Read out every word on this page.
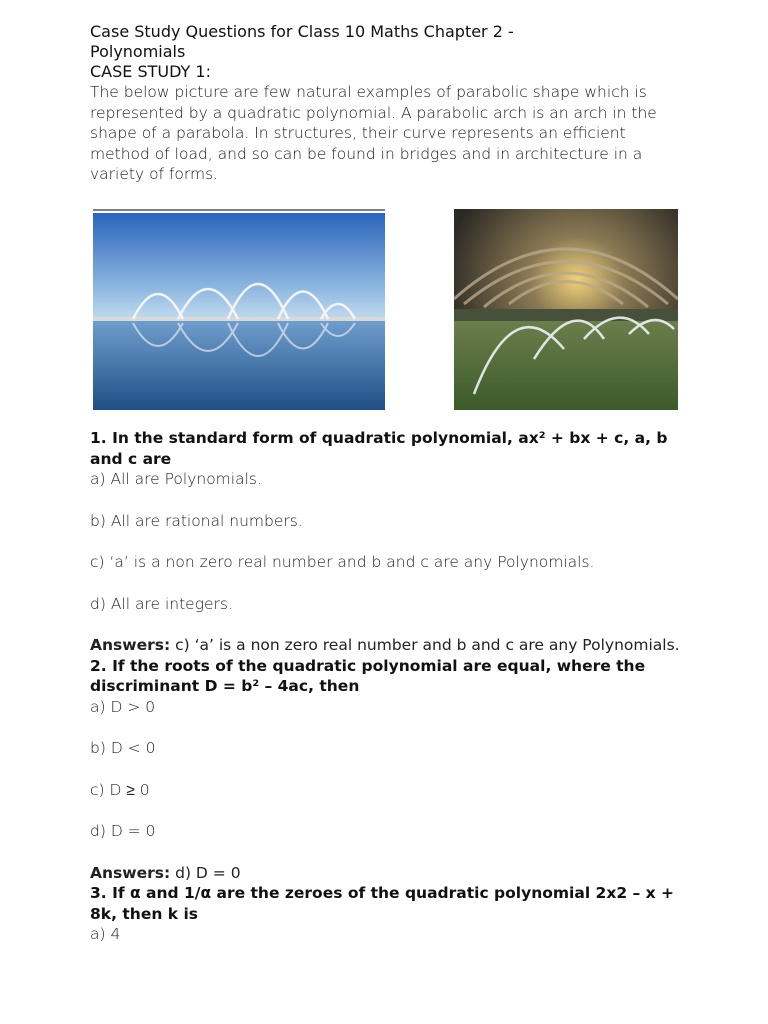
Case Study Questions for Class 10 Maths Chapter 2 -
Polynomials

CASE STUDY 1:

The below picture are few natural examples of parabolic shape which is represented by a quadratic polynomial. A parabolic arch is an arch in the shape of a parabola. In structures, their curve represents an efficient method of load, and so can be found in bridges and in architecture in a variety of forms.

1. In the standard form of quadratic polynomial, ax² + bx + c, a, b and c are

a) All are Polynomials.

b) All are rational numbers.

c) ‘a’ is a non zero real number and b and c are any Polynomials.

d) All are integers.

Answers: c) ‘a’ is a non zero real number and b and c are any Polynomials.

2. If the roots of the quadratic polynomial are equal, where the discriminant D = b² – 4ac, then

a) D > 0

b) D < 0

c) D ≥ 0

d) D = 0

Answers: d) D = 0

3. If α and 1/α are the zeroes of the quadratic polynomial 2x2 – x + 8k, then k is

a) 4
